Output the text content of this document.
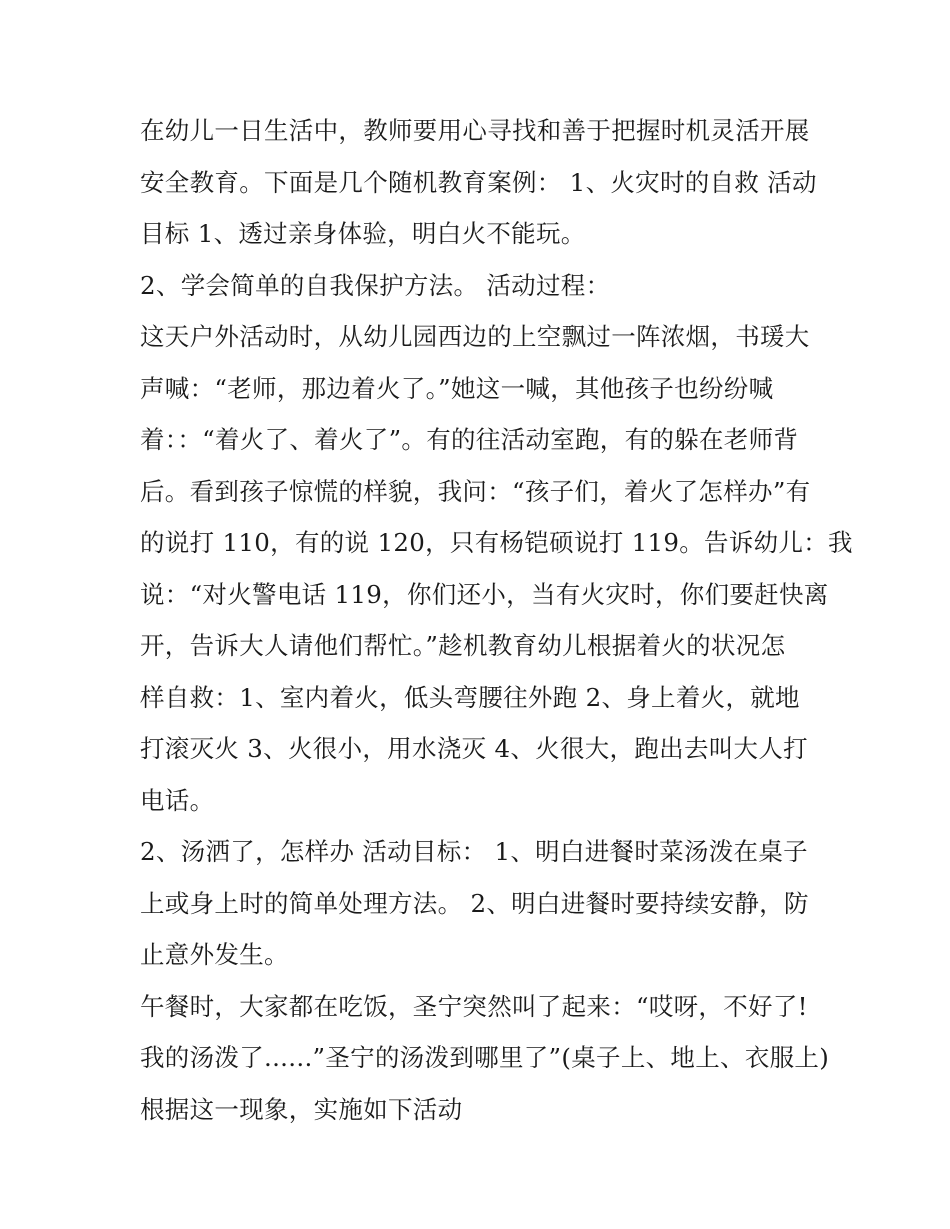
在幼儿一日生活中，教师要用心寻找和善于把握时机灵活开展
安全教育。下面是几个随机教育案例： 1、火灾时的自救 活动
目标 1、透过亲身体验，明白火不能玩。
2、学会简单的自我保护方法。 活动过程：
这天户外活动时，从幼儿园西边的上空飘过一阵浓烟，书瑗大
声喊：“老师，那边着火了。”她这一喊，其他孩子也纷纷喊
着：：“着火了、着火了”。有的往活动室跑，有的躲在老师背
后。看到孩子惊慌的样貌，我问：“孩子们，着火了怎样办”有
的说打 110，有的说 120，只有杨铠硕说打 119。告诉幼儿：我
说：“对火警电话 119，你们还小，当有火灾时，你们要赶快离
开，告诉大人请他们帮忙。”趁机教育幼儿根据着火的状况怎
样自救：1、室内着火，低头弯腰往外跑 2、身上着火，就地
打滚灭火 3、火很小，用水浇灭 4、火很大，跑出去叫大人打
电话。
2、汤洒了，怎样办 活动目标： 1、明白进餐时菜汤泼在桌子
上或身上时的简单处理方法。 2、明白进餐时要持续安静，防
止意外发生。
午餐时，大家都在吃饭，圣宁突然叫了起来：“哎呀，不好了!
我的汤泼了......”圣宁的汤泼到哪里了”(桌子上、地上、衣服上)
根据这一现象，实施如下活动
